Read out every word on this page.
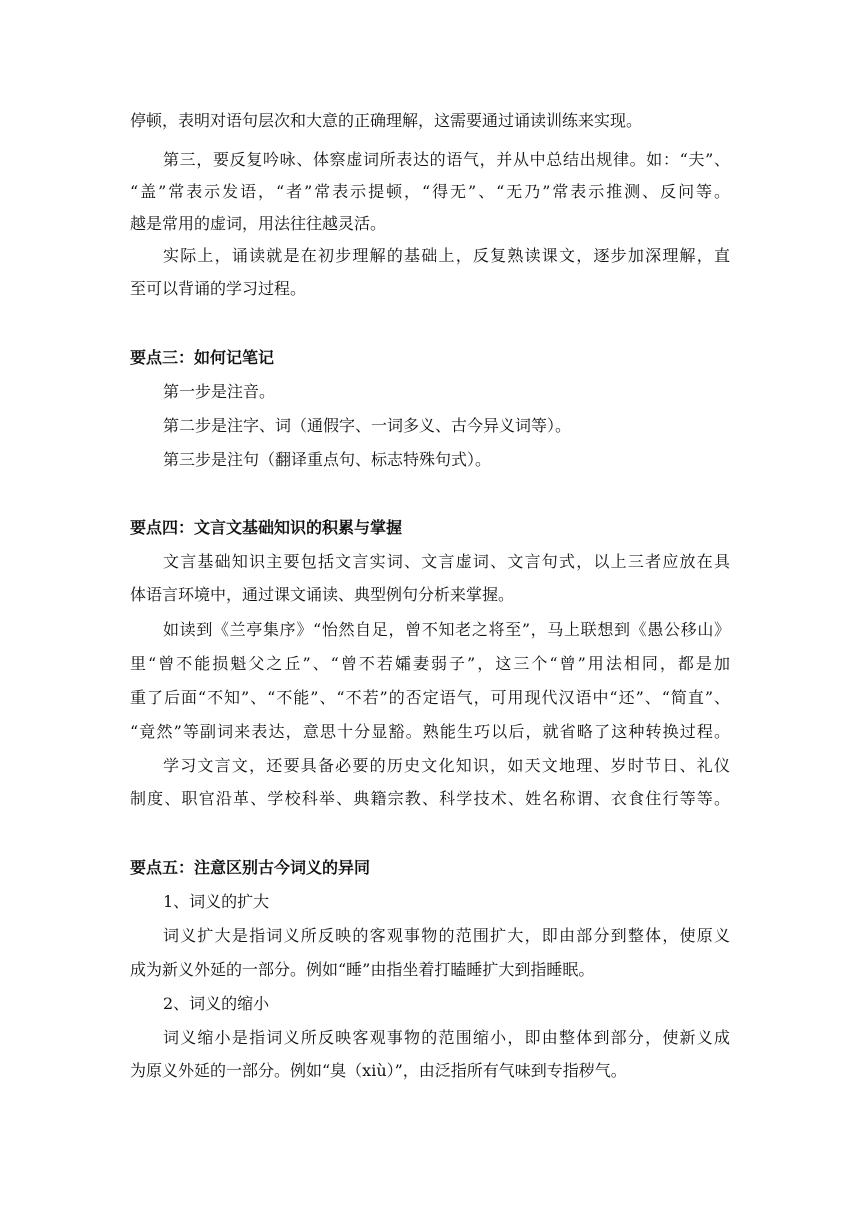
停顿，表明对语句层次和大意的正确理解，这需要通过诵读训练来实现。
第三，要反复吟咏、体察虚词所表达的语气，并从中总结出规律。如：“夫”、
“盖”常表示发语，“者”常表示提顿，“得无”、“无乃”常表示推测、反问等。
越是常用的虚词，用法往往越灵活。
实际上，诵读就是在初步理解的基础上，反复熟读课文，逐步加深理解，直
至可以背诵的学习过程。
要点三：如何记笔记
第一步是注音。
第二步是注字、词（通假字、一词多义、古今异义词等）。
第三步是注句（翻译重点句、标志特殊句式）。
要点四：文言文基础知识的积累与掌握
文言基础知识主要包括文言实词、文言虚词、文言句式，以上三者应放在具
体语言环境中，通过课文诵读、典型例句分析来掌握。
如读到《兰亭集序》“怡然自足，曾不知老之将至”，马上联想到《愚公移山》
里“曾不能损魁父之丘”、“曾不若孀妻弱子”，这三个“曾”用法相同，都是加
重了后面“不知”、“不能”、“不若”的否定语气，可用现代汉语中“还”、“简直”、
“竟然”等副词来表达，意思十分显豁。熟能生巧以后，就省略了这种转换过程。
学习文言文，还要具备必要的历史文化知识，如天文地理、岁时节日、礼仪
制度、职官沿革、学校科举、典籍宗教、科学技术、姓名称谓、衣食住行等等。
要点五：注意区别古今词义的异同
1、词义的扩大
词义扩大是指词义所反映的客观事物的范围扩大，即由部分到整体，使原义
成为新义外延的一部分。例如“睡”由指坐着打瞌睡扩大到指睡眠。
2、词义的缩小
词义缩小是指词义所反映客观事物的范围缩小，即由整体到部分，使新义成
为原义外延的一部分。例如“臭（xiù）”，由泛指所有气味到专指秽气。
